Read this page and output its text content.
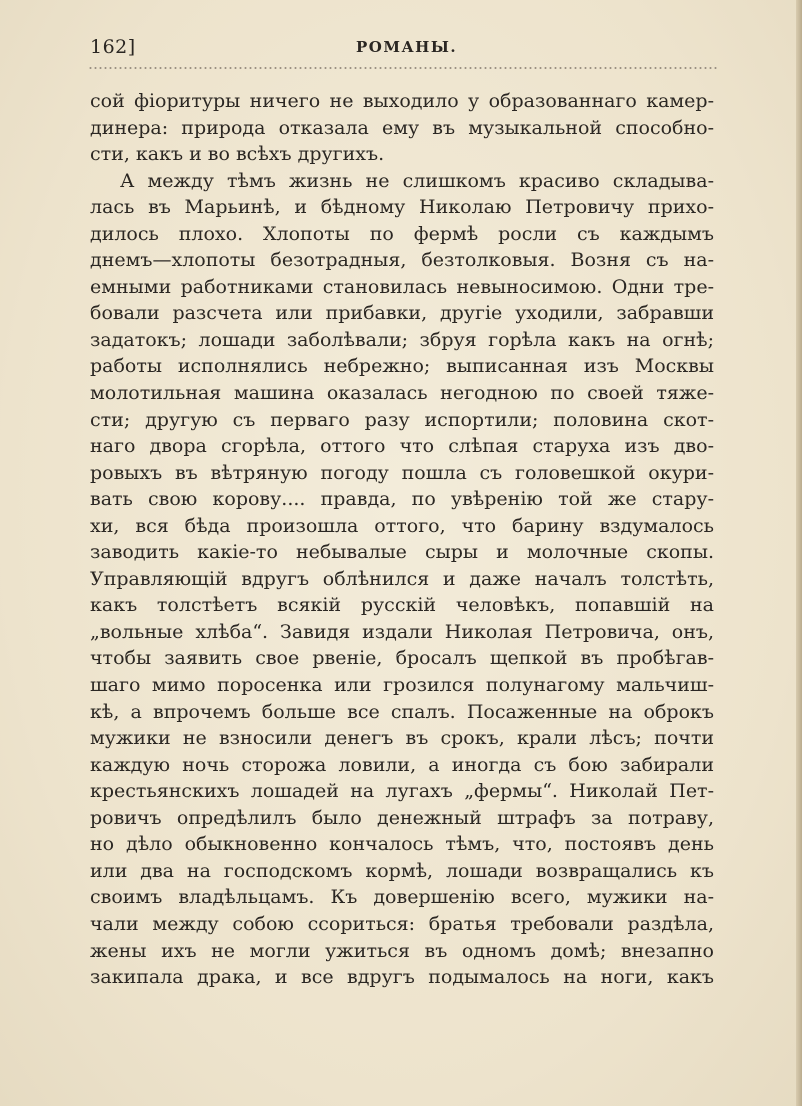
162]	РОМАНЫ.
сой фіоритуры ничего не выходило у образованнаго камер-
динера: природа отказала ему въ музыкальной способно-
сти, какъ и во всѣхъ другихъ.
А между тѣмъ жизнь не слишкомъ красиво складыва-
лась въ Марьинѣ, и бѣдному Николаю Петровичу прихо-
дилось плохо. Хлопоты по фермѣ росли съ каждымъ
днемъ—хлопоты безотрадныя, безтолковыя. Возня съ на-
емными работниками становилась невыносимою. Одни тре-
бовали разсчета или прибавки, другіе уходили, забравши
задатокъ; лошади заболѣвали; збруя горѣла какъ на огнѣ;
работы исполнялись небрежно; выписанная изъ Москвы
молотильная машина оказалась негодною по своей тяже-
сти; другую съ перваго разу испортили; половина скот-
наго двора сгорѣла, оттого что слѣпая старуха изъ дво-
ровыхъ въ вѣтряную погоду пошла съ головешкой окури-
вать свою корову.... правда, по увѣренію той же стару-
хи, вся бѣда произошла оттого, что барину вздумалось
заводить какіе-то небывалые сыры и молочные скопы.
Управляющій вдругъ облѣнился и даже началъ толстѣть,
какъ толстѣетъ всякій русскій человѣкъ, попавшій на
„вольные хлѣба“. Завидя издали Николая Петровича, онъ,
чтобы заявить свое рвеніе, бросалъ щепкой въ пробѣгав-
шаго мимо поросенка или грозился полунагому мальчиш-
кѣ, а впрочемъ больше все спалъ. Посаженные на оброкъ
мужики не взносили денегъ въ срокъ, крали лѣсъ; почти
каждую ночь сторожа ловили, а иногда съ бою забирали
крестьянскихъ лошадей на лугахъ „фермы“. Николай Пет-
ровичъ опредѣлилъ было денежный штрафъ за потраву,
но дѣло обыкновенно кончалось тѣмъ, что, постоявъ день
или два на господскомъ кормѣ, лошади возвращались къ
своимъ владѣльцамъ. Къ довершенію всего, мужики на-
чали между собою ссориться: братья требовали раздѣла,
жены ихъ не могли ужиться въ одномъ домѣ; внезапно
закипала драка, и все вдругъ подымалось на ноги, какъ
